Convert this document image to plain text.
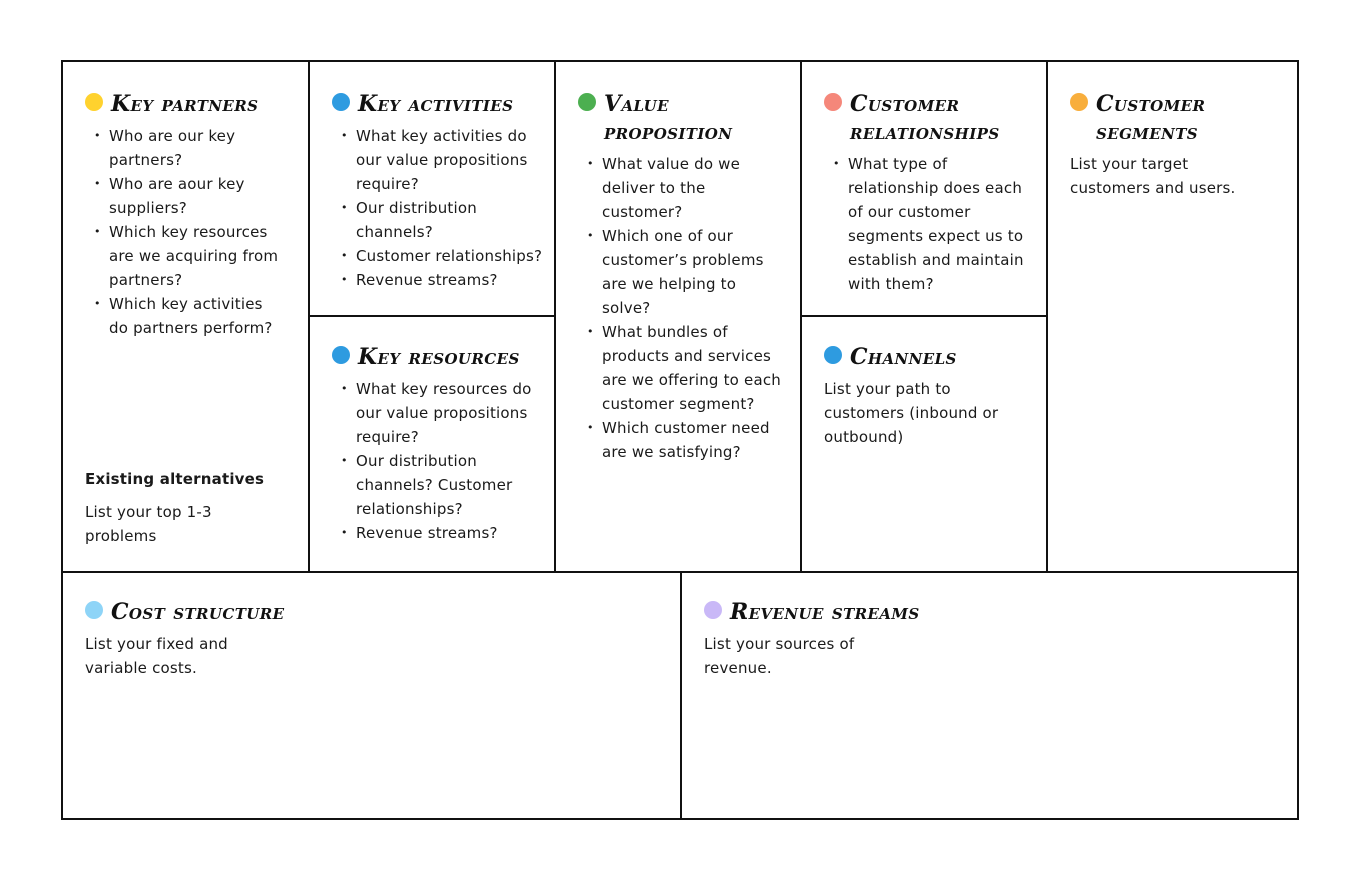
Key partners
• Who are our key partners?
• Who are aour key suppliers?
• Which key resources are we acquiring from partners?
• Which key activities do partners perform?
Existing alternatives

List your top 1-3 problems

Key activities
• What key activities do our value propositions require?
• Our distribution channels?
• Customer relationships?
• Revenue streams?
Key resources
• What key resources do our value propositions require?
• Our distribution channels? Customer relationships?
• Revenue streams?
Value proposition
• What value do we deliver to the customer?
• Which one of our customer’s problems are we helping to solve?
• What bundles of products and services are we offering to each customer segment?
• Which customer need are we satisfying?
Customer relationships
• What type of relationship does each of our customer segments expect us to establish and maintain with them?
Channels

List your path to customers (inbound or outbound)

Customer segments

List your target customers and users.

Cost structure

List your fixed and variable costs.

Revenue streams

List your sources of revenue.
